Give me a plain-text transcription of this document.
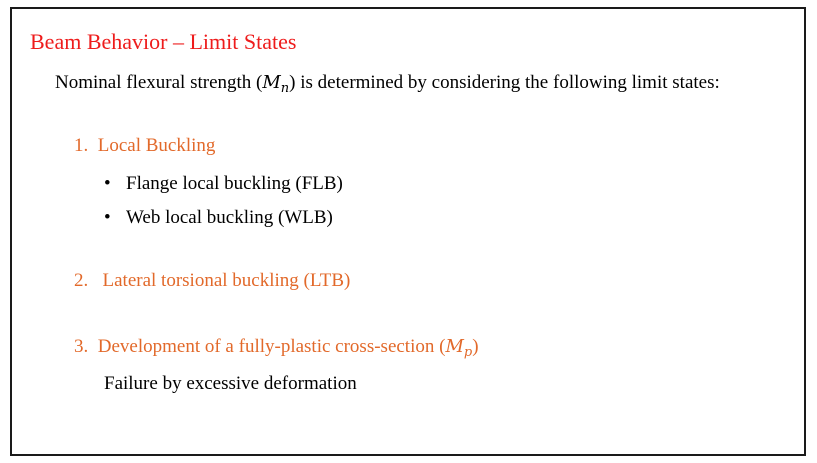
Beam Behavior – Limit States
Nominal flexural strength $(M_n)$ is determined by considering the following limit states:
1. Local Buckling
• Flange local buckling (FLB)
• Web local buckling (WLB)
2. Lateral torsional buckling (LTB)
3. Development of a fully-plastic cross-section $(M_p)$
Failure by excessive deformation
